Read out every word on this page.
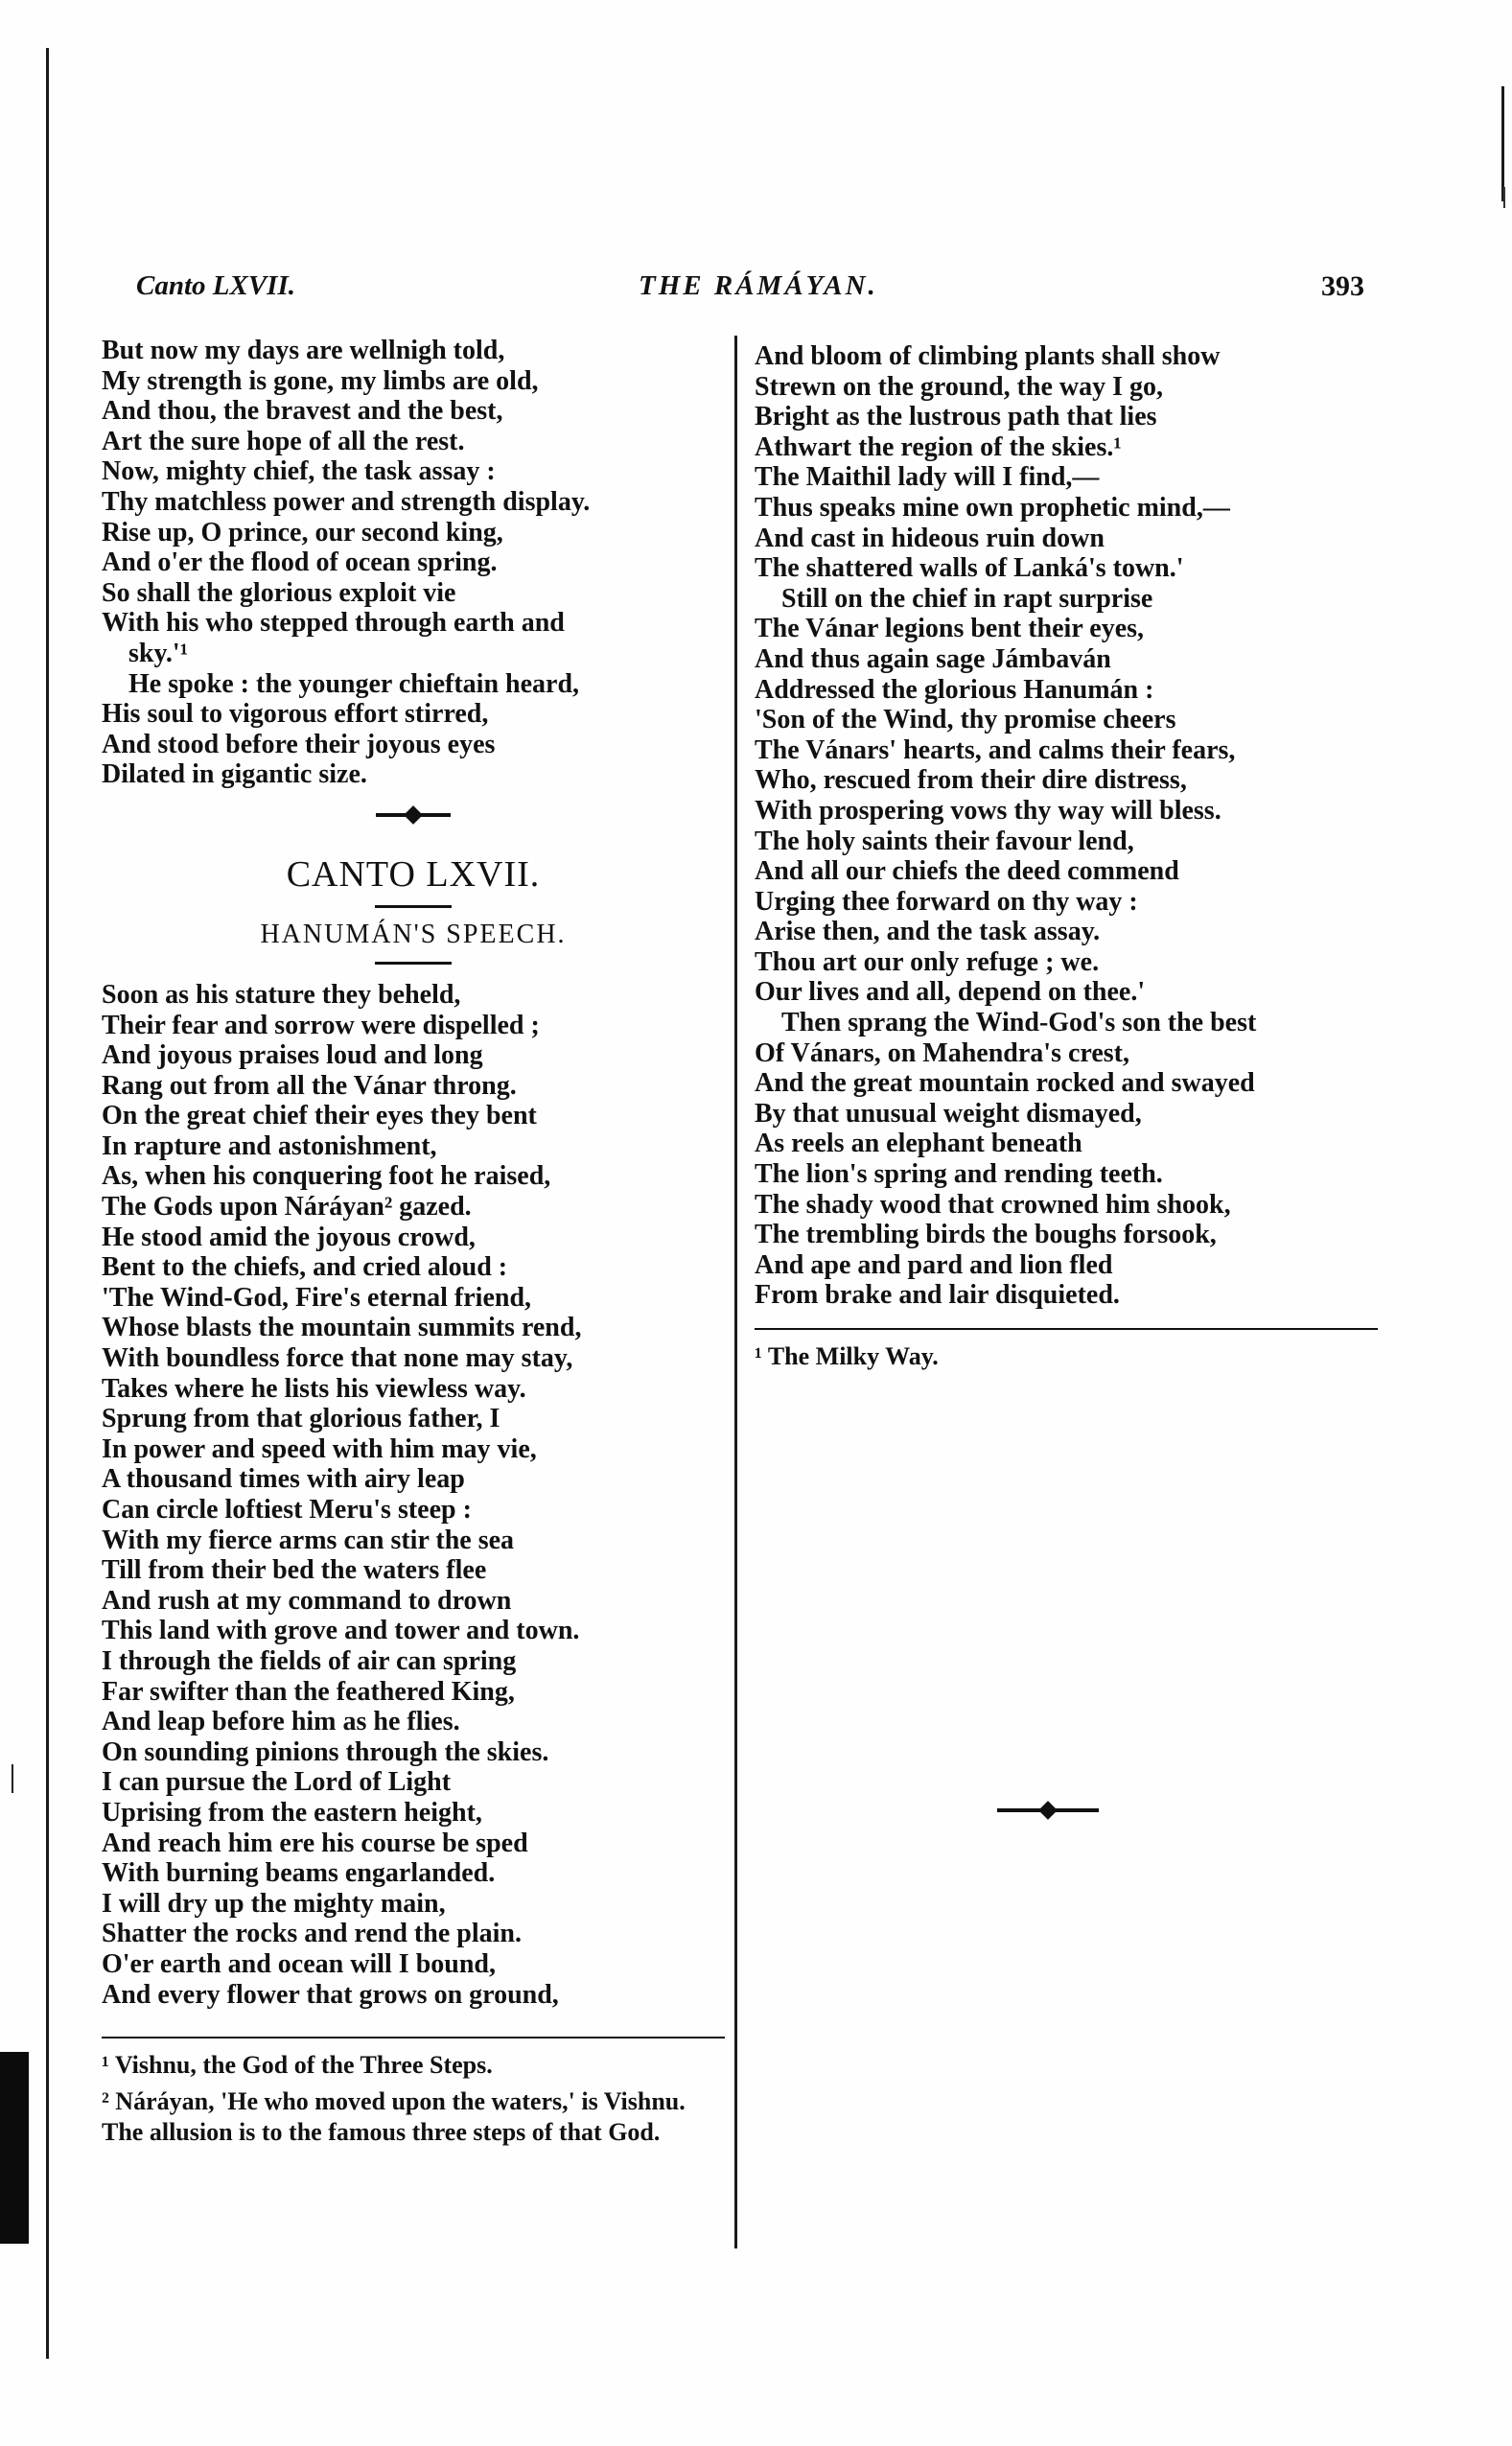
Canto LXVII.	THE RÁMÁYAN.	393
But now my days are wellnigh told,
My strength is gone, my limbs are old,
And thou, the bravest and the best,
Art the sure hope of all the rest.
Now, mighty chief, the task assay :
Thy matchless power and strength display.
Rise up, O prince, our second king,
And o'er the flood of ocean spring.
So shall the glorious exploit vie
With his who stepped through earth and
sky.'¹
He spoke : the younger chieftain heard,
His soul to vigorous effort stirred,
And stood before their joyous eyes
Dilated in gigantic size.
CANTO LXVII.
HANUMÁN'S SPEECH.
Soon as his stature they beheld,
Their fear and sorrow were dispelled ;
And joyous praises loud and long
Rang out from all the Vánar throng.
On the great chief their eyes they bent
In rapture and astonishment,
As, when his conquering foot he raised,
The Gods upon Náráyan² gazed.
He stood amid the joyous crowd,
Bent to the chiefs, and cried aloud :
'The Wind-God, Fire's eternal friend,
Whose blasts the mountain summits rend,
With boundless force that none may stay,
Takes where he lists his viewless way.
Sprung from that glorious father, I
In power and speed with him may vie,
A thousand times with airy leap
Can circle loftiest Meru's steep :
With my fierce arms can stir the sea
Till from their bed the waters flee
And rush at my command to drown
This land with grove and tower and town.
I through the fields of air can spring
Far swifter than the feathered King,
And leap before him as he flies.
On sounding pinions through the skies.
I can pursue the Lord of Light
Uprising from the eastern height,
And reach him ere his course be sped
With burning beams engarlanded.
I will dry up the mighty main,
Shatter the rocks and rend the plain.
O'er earth and ocean will I bound,
And every flower that grows on ground,
¹ Vishnu, the God of the Three Steps.
² Náráyan, 'He who moved upon the waters,' is Vishnu. The allusion is to the famous three steps of that God.
And bloom of climbing plants shall show
Strewn on the ground, the way I go,
Bright as the lustrous path that lies
Athwart the region of the skies.¹
The Maithil lady will I find,—
Thus speaks mine own prophetic mind,—
And cast in hideous ruin down
The shattered walls of Lanká's town.'
Still on the chief in rapt surprise
The Vánar legions bent their eyes,
And thus again sage Jámbaván
Addressed the glorious Hanumán :
'Son of the Wind, thy promise cheers
The Vánars' hearts, and calms their fears,
Who, rescued from their dire distress,
With prospering vows thy way will bless.
The holy saints their favour lend,
And all our chiefs the deed commend
Urging thee forward on thy way :
Arise then, and the task assay.
Thou art our only refuge ; we.
Our lives and all, depend on thee.'
Then sprang the Wind-God's son the best
Of Vánars, on Mahendra's crest,
And the great mountain rocked and swayed
By that unusual weight dismayed,
As reels an elephant beneath
The lion's spring and rending teeth.
The shady wood that crowned him shook,
The trembling birds the boughs forsook,
And ape and pard and lion fled
From brake and lair disquieted.
¹ The Milky Way.
